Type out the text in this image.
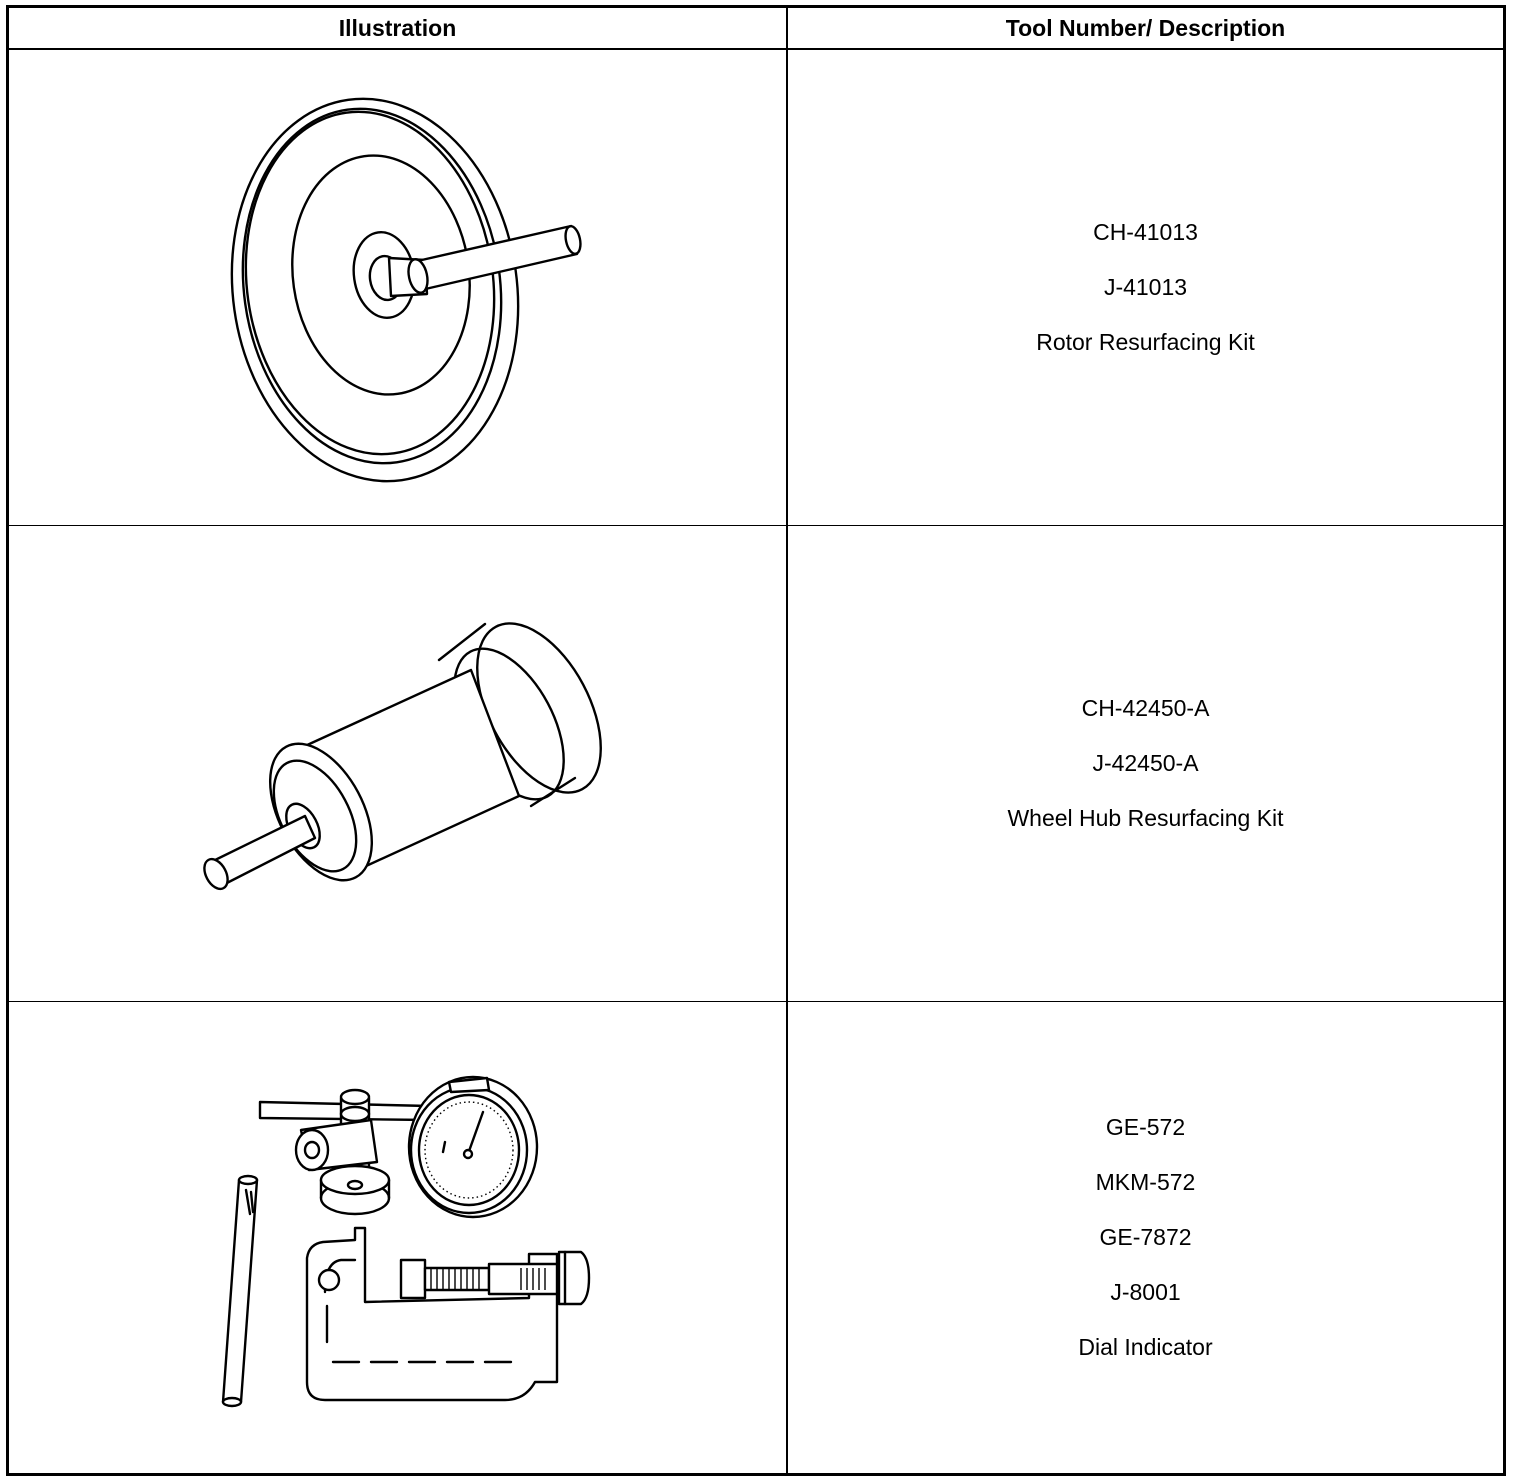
Illustration	Tool Number/ Description
CH-41013
J-41013
Rotor Resurfacing Kit
CH-42450-A
J-42450-A
Wheel Hub Resurfacing Kit
GE-572
MKM-572
GE-7872
J-8001
Dial Indicator
